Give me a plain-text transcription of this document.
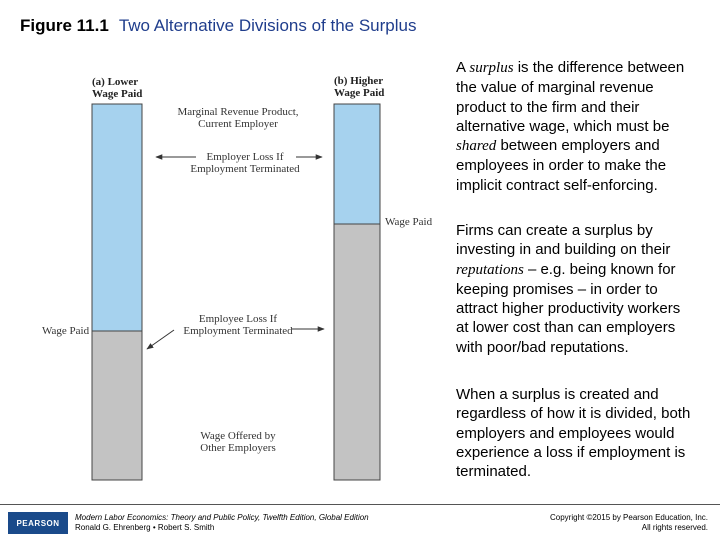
Figure 11.1 Two Alternative Divisions of the Surplus
(a) Lower
Wage Paid
(b) Higher
Wage Paid
Marginal Revenue Product,
Current Employer
Employer Loss If
Employment Terminated
Wage Paid
Employee Loss If
Employment Terminated
Wage Paid
Wage Offered by
Other Employers
A surplus is the difference between the value of marginal revenue product to the firm and their alternative wage, which must be shared between employers and employees in order to make the implicit contract self-enforcing.
Firms can create a surplus by investing in and building on their reputations – e.g. being known for keeping promises – in order to attract higher productivity workers at lower cost than can employers with poor/bad reputations.
When a surplus is created and regardless of how it is divided, both employers and employees would experience a loss if employment is terminated.
PEARSON
Modern Labor Economics: Theory and Public Policy, Twelfth Edition, Global Edition
Ronald G. Ehrenberg • Robert S. Smith
Copyright ©2015 by Pearson Education, Inc.
All rights reserved.
